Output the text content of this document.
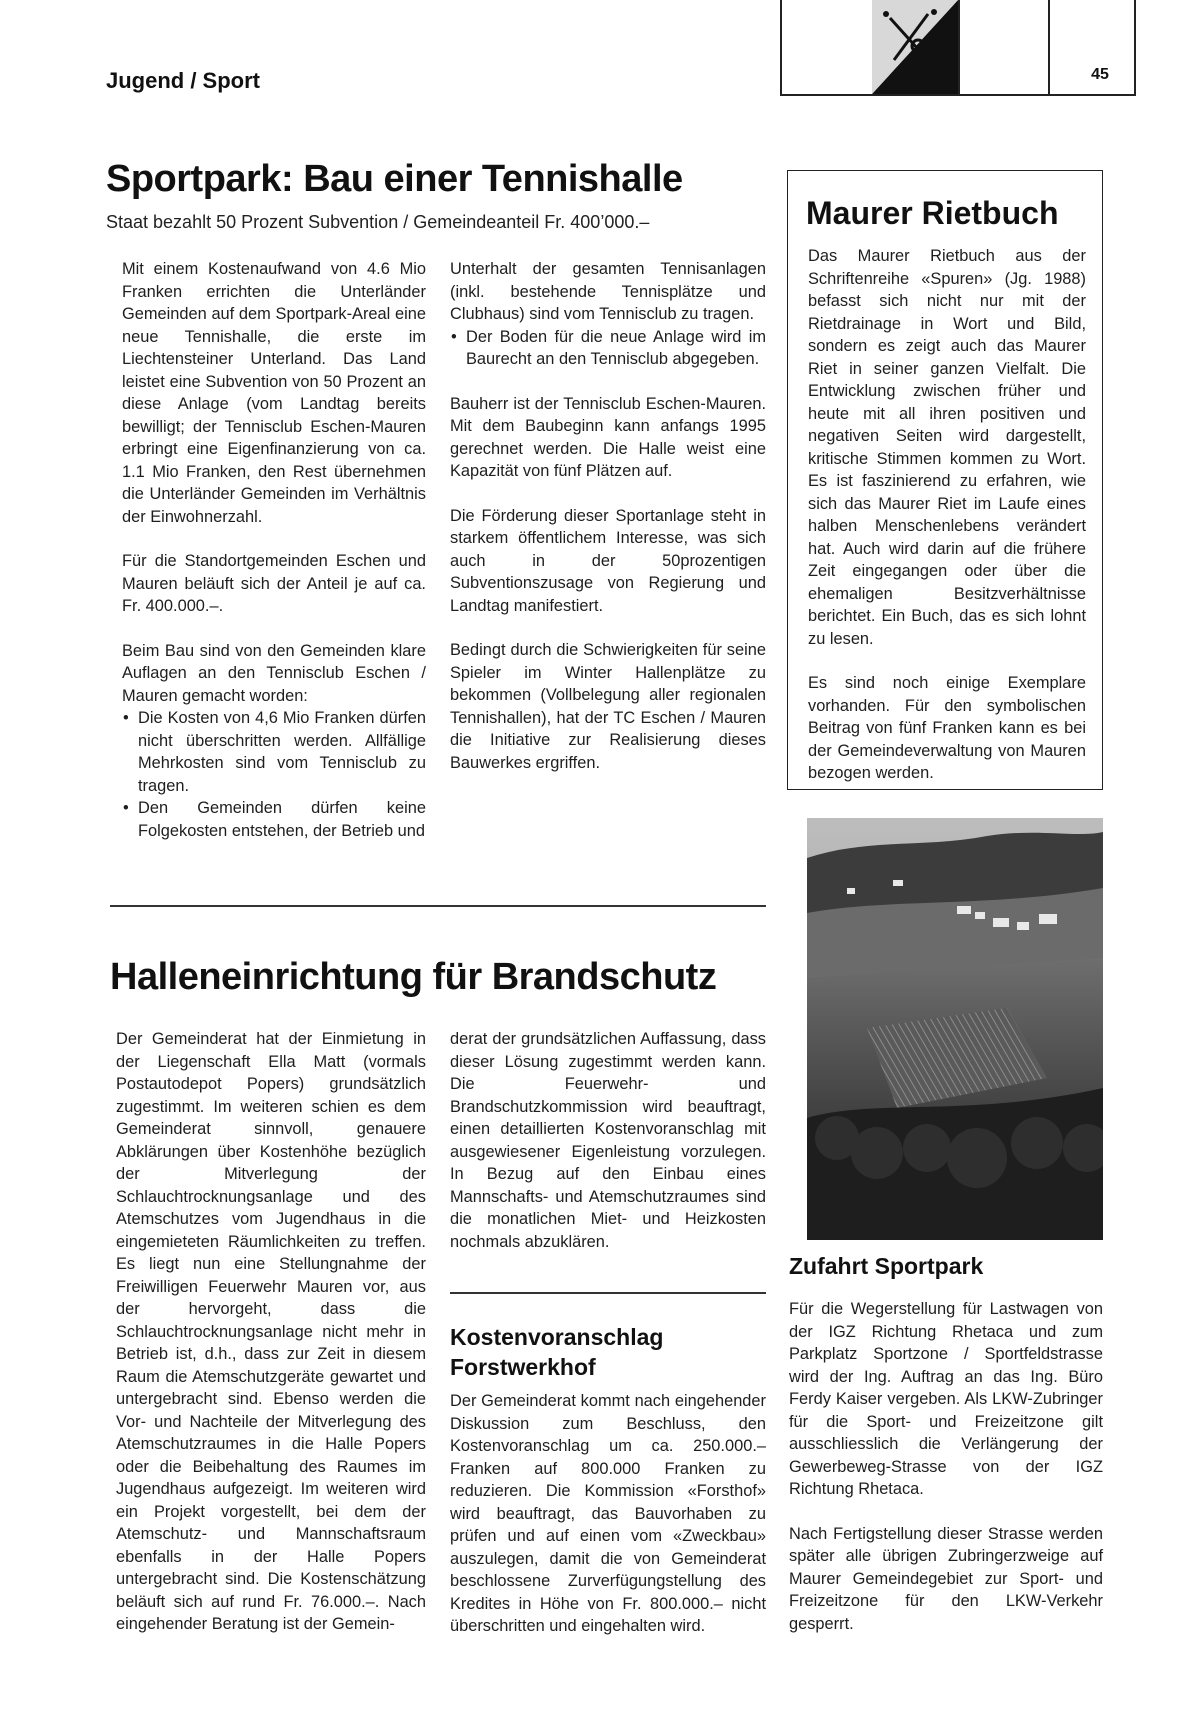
Jugend / Sport	45
Sportpark: Bau einer Tennishalle
Staat bezahlt 50 Prozent Subvention / Gemeindeanteil Fr. 400’000.–

Mit einem Kostenaufwand von 4.6 Mio Franken errichten die Unterländer Gemeinden auf dem Sportpark-Areal eine neue Tennishalle, die erste im Liechtensteiner Unterland. Das Land leistet eine Subvention von 50 Prozent an diese Anlage (vom Landtag bereits bewilligt; der Tennisclub Eschen-Mauren erbringt eine Eigenfinanzierung von ca. 1.1 Mio Franken, den Rest übernehmen die Unterländer Gemeinden im Verhältnis der Einwohnerzahl.

Für die Standortgemeinden Eschen und Mauren beläuft sich der Anteil je auf ca. Fr. 400.000.–.

Beim Bau sind von den Gemeinden klare Auflagen an den Tennisclub Eschen / Mauren gemacht worden:

• Die Kosten von 4,6 Mio Franken dürfen nicht überschritten werden. Allfällige Mehrkosten sind vom Tennisclub zu tragen.
• Den Gemeinden dürfen keine Folgekosten entstehen, der Betrieb und

Unterhalt der gesamten Tennisanlagen (inkl. bestehende Tennisplätze und Clubhaus) sind vom Tennisclub zu tragen.

• Der Boden für die neue Anlage wird im Baurecht an den Tennisclub abgegeben.

Bauherr ist der Tennisclub Eschen-Mauren. Mit dem Baubeginn kann anfangs 1995 gerechnet werden. Die Halle weist eine Kapazität von fünf Plätzen auf.

Die Förderung dieser Sportanlage steht in starkem öffentlichem Interesse, was sich auch in der 50prozentigen Subventionszusage von Regierung und Landtag manifestiert.

Bedingt durch die Schwierigkeiten für seine Spieler im Winter Hallenplätze zu bekommen (Vollbelegung aller regionalen Tennishallen), hat der TC Eschen / Mauren die Initiative zur Realisierung dieses Bauwerkes ergriffen.

Maurer Rietbuch

Das Maurer Rietbuch aus der Schriftenreihe «Spuren» (Jg. 1988) befasst sich nicht nur mit der Rietdrainage in Wort und Bild, sondern es zeigt auch das Maurer Riet in seiner ganzen Vielfalt. Die Entwicklung zwischen früher und heute mit all ihren positiven und negativen Seiten wird dargestellt, kritische Stimmen kommen zu Wort. Es ist faszinierend zu erfahren, wie sich das Maurer Riet im Laufe eines halben Menschenlebens verändert hat. Auch wird darin auf die frühere Zeit eingegangen oder über die ehemaligen Besitzverhältnisse berichtet. Ein Buch, das es sich lohnt zu lesen.

Es sind noch einige Exemplare vorhanden. Für den symbolischen Beitrag von fünf Franken kann es bei der Gemeindeverwaltung von Mauren bezogen werden.

Halleneinrichtung für Brandschutz

Der Gemeinderat hat der Einmietung in der Liegenschaft Ella Matt (vormals Postautodepot Popers) grundsätzlich zugestimmt. Im weiteren schien es dem Gemeinderat sinnvoll, genauere Abklärungen über Kostenhöhe bezüglich der Mitverlegung der Schlauchtrocknungsanlage und des Atemschutzes vom Jugendhaus in die eingemieteten Räumlichkeiten zu treffen. Es liegt nun eine Stellungnahme der Freiwilligen Feuerwehr Mauren vor, aus der hervorgeht, dass die Schlauchtrocknungsanlage nicht mehr in Betrieb ist, d.h., dass zur Zeit in diesem Raum die Atemschutzgeräte gewartet und untergebracht sind. Ebenso werden die Vor- und Nachteile der Mitverlegung des Atemschutzraumes in die Halle Popers oder die Beibehaltung des Raumes im Jugendhaus aufgezeigt. Im weiteren wird ein Projekt vorgestellt, bei dem der Atemschutz- und Mannschaftsraum ebenfalls in der Halle Popers untergebracht sind. Die Kostenschätzung beläuft sich auf rund Fr. 76.000.–. Nach eingehender Beratung ist der Gemein-

derat der grundsätzlichen Auffassung, dass dieser Lösung zugestimmt werden kann. Die Feuerwehr- und Brandschutzkommission wird beauftragt, einen detaillierten Kostenvoranschlag mit ausgewiesener Eigenleistung vorzulegen. In Bezug auf den Einbau eines Mannschafts- und Atemschutzraumes sind die monatlichen Miet- und Heizkosten nochmals abzuklären.

Kostenvoranschlag
Forstwerkhof

Der Gemeinderat kommt nach eingehender Diskussion zum Beschluss, den Kostenvoranschlag um ca. 250.000.– Franken auf 800.000 Franken zu reduzieren. Die Kommission «Forsthof» wird beauftragt, das Bauvorhaben zu prüfen und auf einen vom «Zweckbau» auszulegen, damit die von Gemeinderat beschlossene Zurverfügungstellung des Kredites in Höhe von Fr. 800.000.– nicht überschritten und eingehalten wird.

Zufahrt Sportpark

Für die Wegerstellung für Lastwagen von der IGZ Richtung Rhetaca und zum Parkplatz Sportzone / Sportfeldstrasse wird der Ing. Auftrag an das Ing. Büro Ferdy Kaiser vergeben. Als LKW-Zubringer für die Sport- und Freizeitzone gilt ausschliesslich die Verlängerung der Gewerbeweg-Strasse von der IGZ Richtung Rhetaca.

Nach Fertigstellung dieser Strasse werden später alle übrigen Zubringerzweige auf Maurer Gemeindegebiet zur Sport- und Freizeitzone für den LKW-Verkehr gesperrt.
